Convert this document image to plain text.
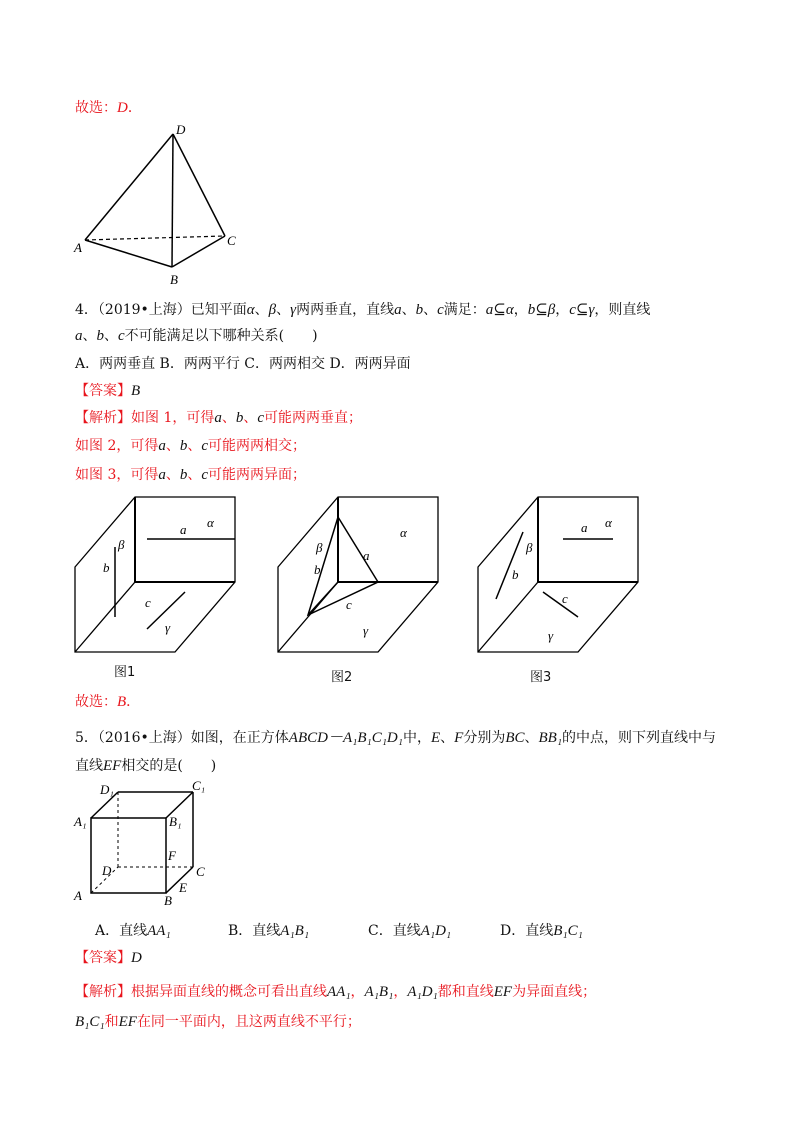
故选：D．
D
A
B
C
4．（2019•上海）已知平面α、β、γ两两垂直，直线a、b、c满足：a⊆α，b⊆β，c⊆γ，则直线
a、b、c不可能满足以下哪种关系(　　)
A．两两垂直 B．两两平行 C．两两相交 D．两两异面
【答案】B
【解析】如图 1，可得a、b、c可能两两垂直；
如图 2，可得a、b、c可能两两相交；
如图 3，可得a、b、c可能两两异面；
α
a
β
b
c
γ
图1
α
β
a
b
c
γ
图2
α
a
β
b
c
γ
图3
故选：B．
5．（2016•上海）如图，在正方体ABCD－A₁B₁C₁D₁中，E、F分别为BC、BB₁的中点，则下列直线中与
直线EF相交的是(　　)
D₁	C₁
A₁	B₁
F
D	C
A	B
E
A．直线AA₁	B．直线A₁B₁	C．直线A₁D₁	D．直线B₁C₁
【答案】D
【解析】根据异面直线的概念可看出直线AA₁，A₁B₁，A₁D₁都和直线EF为异面直线；
B₁C₁和EF在同一平面内，且这两直线不平行；
